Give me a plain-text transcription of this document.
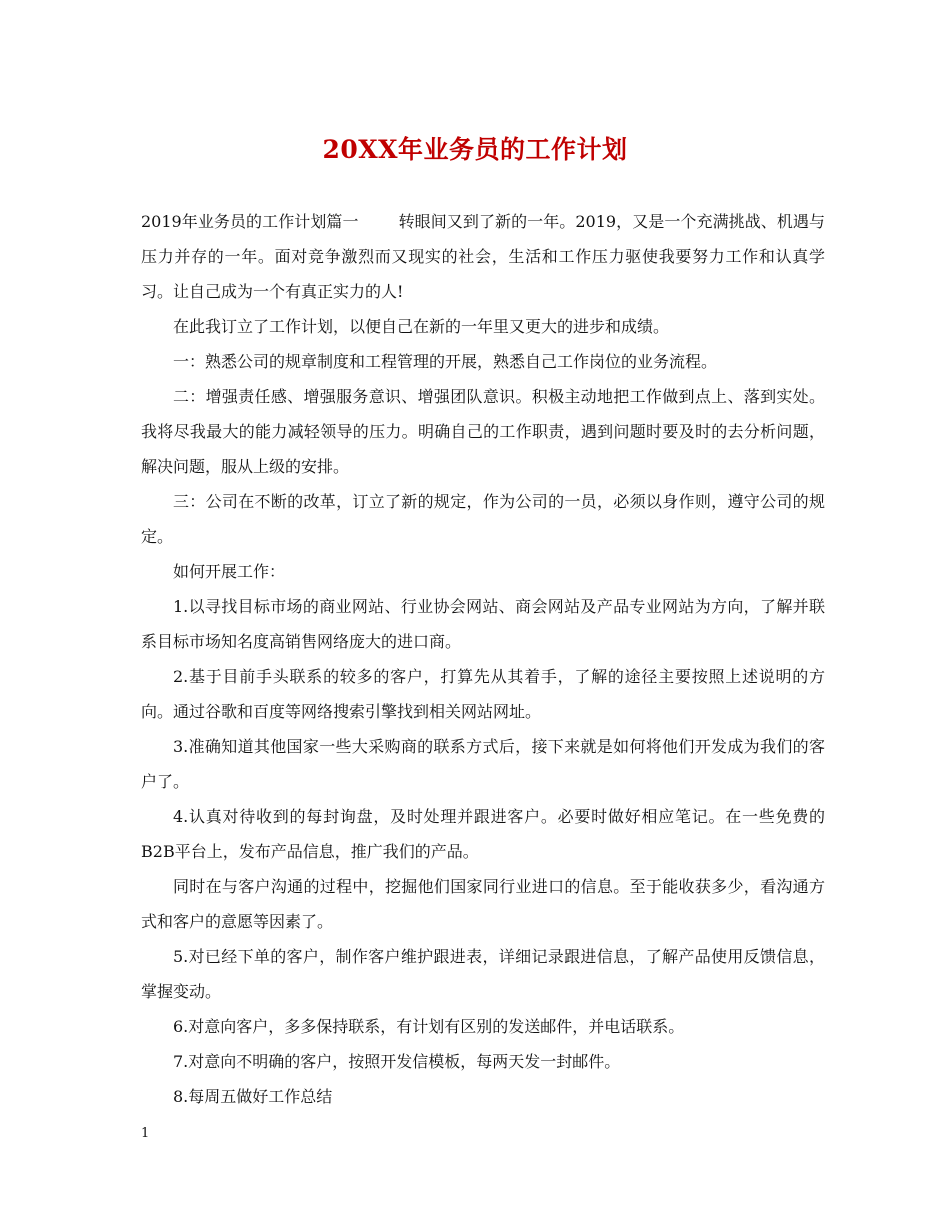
20XX年业务员的工作计划

2019年业务员的工作计划篇一	转眼间又到了新的一年。2019，又是一个充满挑战、机遇与压力并存的一年。面对竞争激烈而又现实的社会，生活和工作压力驱使我要努力工作和认真学习。让自己成为一个有真正实力的人!

在此我订立了工作计划，以便自己在新的一年里又更大的进步和成绩。

一：熟悉公司的规章制度和工程管理的开展，熟悉自己工作岗位的业务流程。

二：增强责任感、增强服务意识、增强团队意识。积极主动地把工作做到点上、落到实处。我将尽我最大的能力减轻领导的压力。明确自己的工作职责，遇到问题时要及时的去分析问题，解决问题，服从上级的安排。

三：公司在不断的改革，订立了新的规定，作为公司的一员，必须以身作则，遵守公司的规定。

如何开展工作：

1.以寻找目标市场的商业网站、行业协会网站、商会网站及产品专业网站为方向，了解并联系目标市场知名度高销售网络庞大的进口商。

2.基于目前手头联系的较多的客户，打算先从其着手，了解的途径主要按照上述说明的方向。通过谷歌和百度等网络搜索引擎找到相关网站网址。

3.准确知道其他国家一些大采购商的联系方式后，接下来就是如何将他们开发成为我们的客户了。

4.认真对待收到的每封询盘，及时处理并跟进客户。必要时做好相应笔记。在一些免费的B2B平台上，发布产品信息，推广我们的产品。

同时在与客户沟通的过程中，挖掘他们国家同行业进口的信息。至于能收获多少，看沟通方式和客户的意愿等因素了。

5.对已经下单的客户，制作客户维护跟进表，详细记录跟进信息，了解产品使用反馈信息，掌握变动。

6.对意向客户，多多保持联系，有计划有区别的发送邮件，并电话联系。

7.对意向不明确的客户，按照开发信模板，每两天发一封邮件。

8.每周五做好工作总结

1
